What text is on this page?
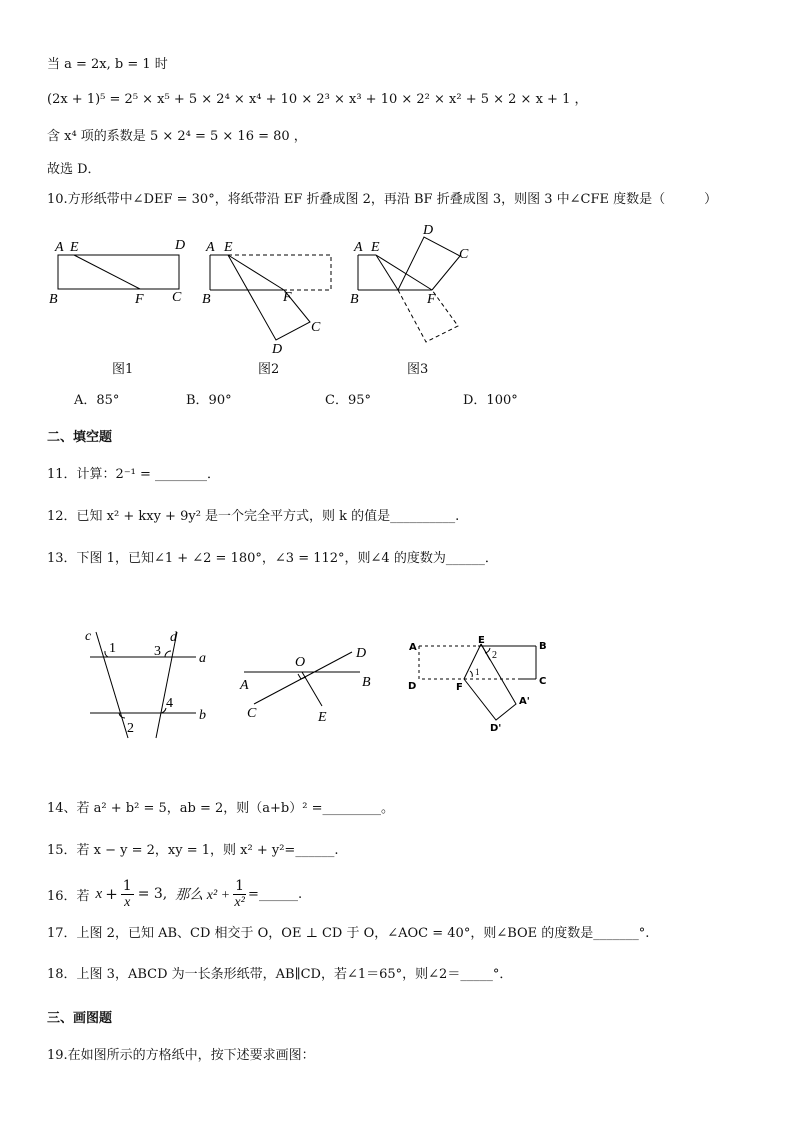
当 a = 2x, b = 1 时
(2x + 1)⁵ = 2⁵ × x⁵ + 5 × 2⁴ × x⁴ + 10 × 2³ × x³ + 10 × 2² × x² + 5 × 2 × x + 1 ，
含 x⁴ 项的系数是 5 × 2⁴ = 5 × 16 = 80 ，
故选 D．
10.方形纸带中∠DEF = 30°，将纸带沿 EF 折叠成图 2，再沿 BF 折叠成图 3，则图 3 中∠CFE 度数是（　　　）
A E	D
B	F C
A E
B	F
C
D
A E
D
C
B	F
图1	图2	图3
A．85°	B．90°	C．95°	D．100°
二、填空题
11．计算：2⁻¹ = ________．
12．已知 x² + kxy + 9y² 是一个完全平方式，则 k 的值是__________.
13．下图 1，已知∠1 + ∠2 = 180°，∠3 = 112°，则∠4 的度数为______．
c	d
a
b
1
2
3
4
A	B
C
D
E
O
A
E
B
D	F
C
A'
D'
1
2
14、若 a² + b² = 5，ab = 2，则（a+b）² =_________。
15．若 x − y = 2，xy = 1，则 x² + y²=______.
16．若 $x + \frac{1}{x} = 3$, 那么 $x^2 + \frac{1}{\text{x²}}$ =______.
17．上图 2，已知 AB、CD 相交于 O，OE ⊥ CD 于 O，∠AOC = 40°，则∠BOE 的度数是_______°.
18．上图 3，ABCD 为一长条形纸带，AB∥CD，若∠1＝65°，则∠2＝_____°．
三、画图题
19.在如图所示的方格纸中，按下述要求画图：
